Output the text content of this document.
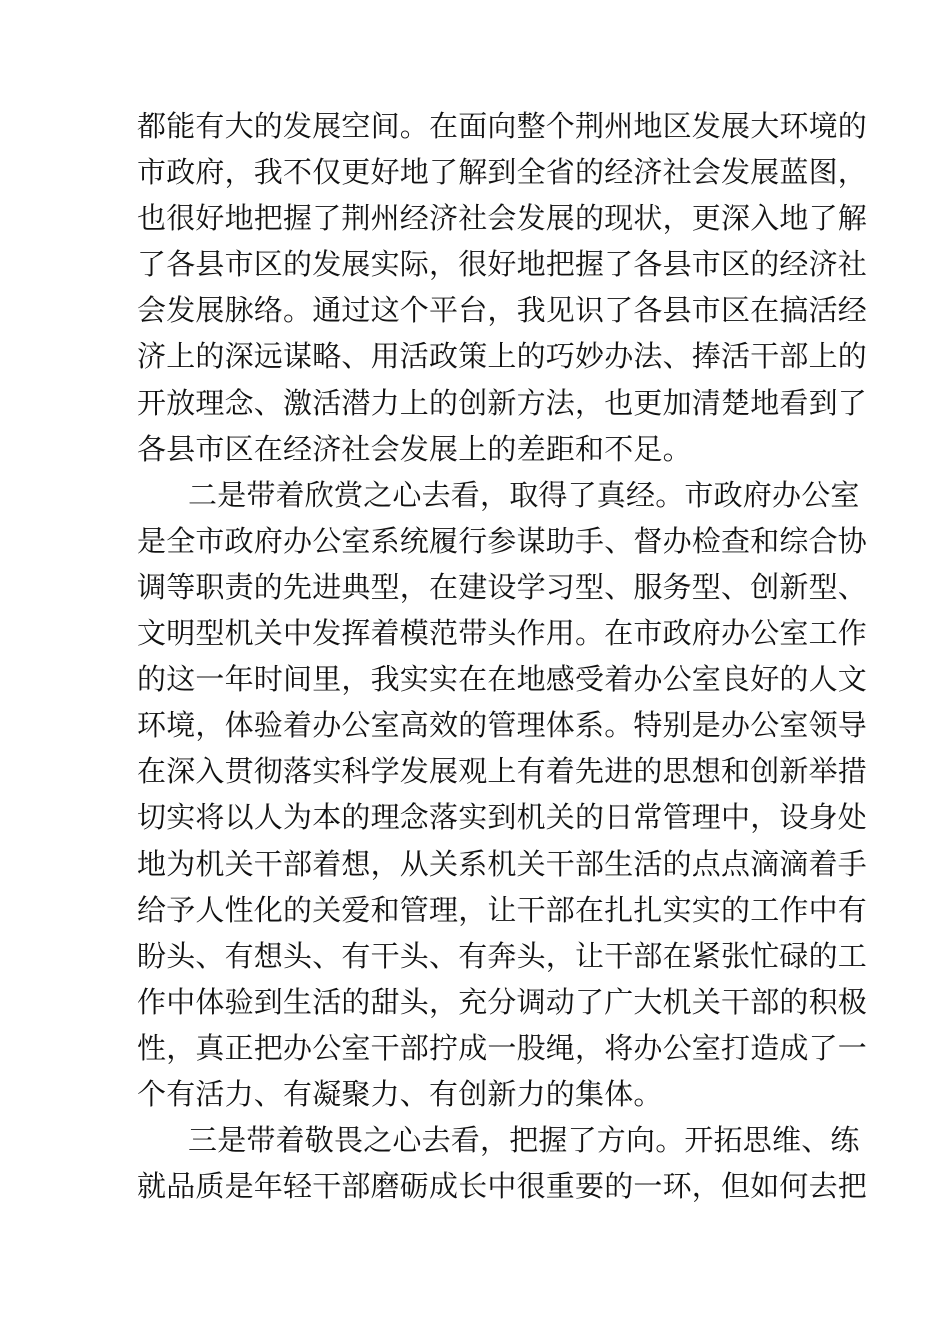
都能有大的发展空间。在面向整个荆州地区发展大环境的
市政府，我不仅更好地了解到全省的经济社会发展蓝图，
也很好地把握了荆州经济社会发展的现状，更深入地了解
了各县市区的发展实际，很好地把握了各县市区的经济社
会发展脉络。通过这个平台，我见识了各县市区在搞活经
济上的深远谋略、用活政策上的巧妙办法、捧活干部上的
开放理念、激活潜力上的创新方法，也更加清楚地看到了
各县市区在经济社会发展上的差距和不足。
二是带着欣赏之心去看，取得了真经。市政府办公室
是全市政府办公室系统履行参谋助手、督办检查和综合协
调等职责的先进典型，在建设学习型、服务型、创新型、
文明型机关中发挥着模范带头作用。在市政府办公室工作
的这一年时间里，我实实在在地感受着办公室良好的人文
环境，体验着办公室高效的管理体系。特别是办公室领导
在深入贯彻落实科学发展观上有着先进的思想和创新举措
切实将以人为本的理念落实到机关的日常管理中，设身处
地为机关干部着想，从关系机关干部生活的点点滴滴着手
给予人性化的关爱和管理，让干部在扎扎实实的工作中有
盼头、有想头、有干头、有奔头，让干部在紧张忙碌的工
作中体验到生活的甜头，充分调动了广大机关干部的积极
性，真正把办公室干部拧成一股绳，将办公室打造成了一
个有活力、有凝聚力、有创新力的集体。
三是带着敬畏之心去看，把握了方向。开拓思维、练
就品质是年轻干部磨砺成长中很重要的一环，但如何去把
